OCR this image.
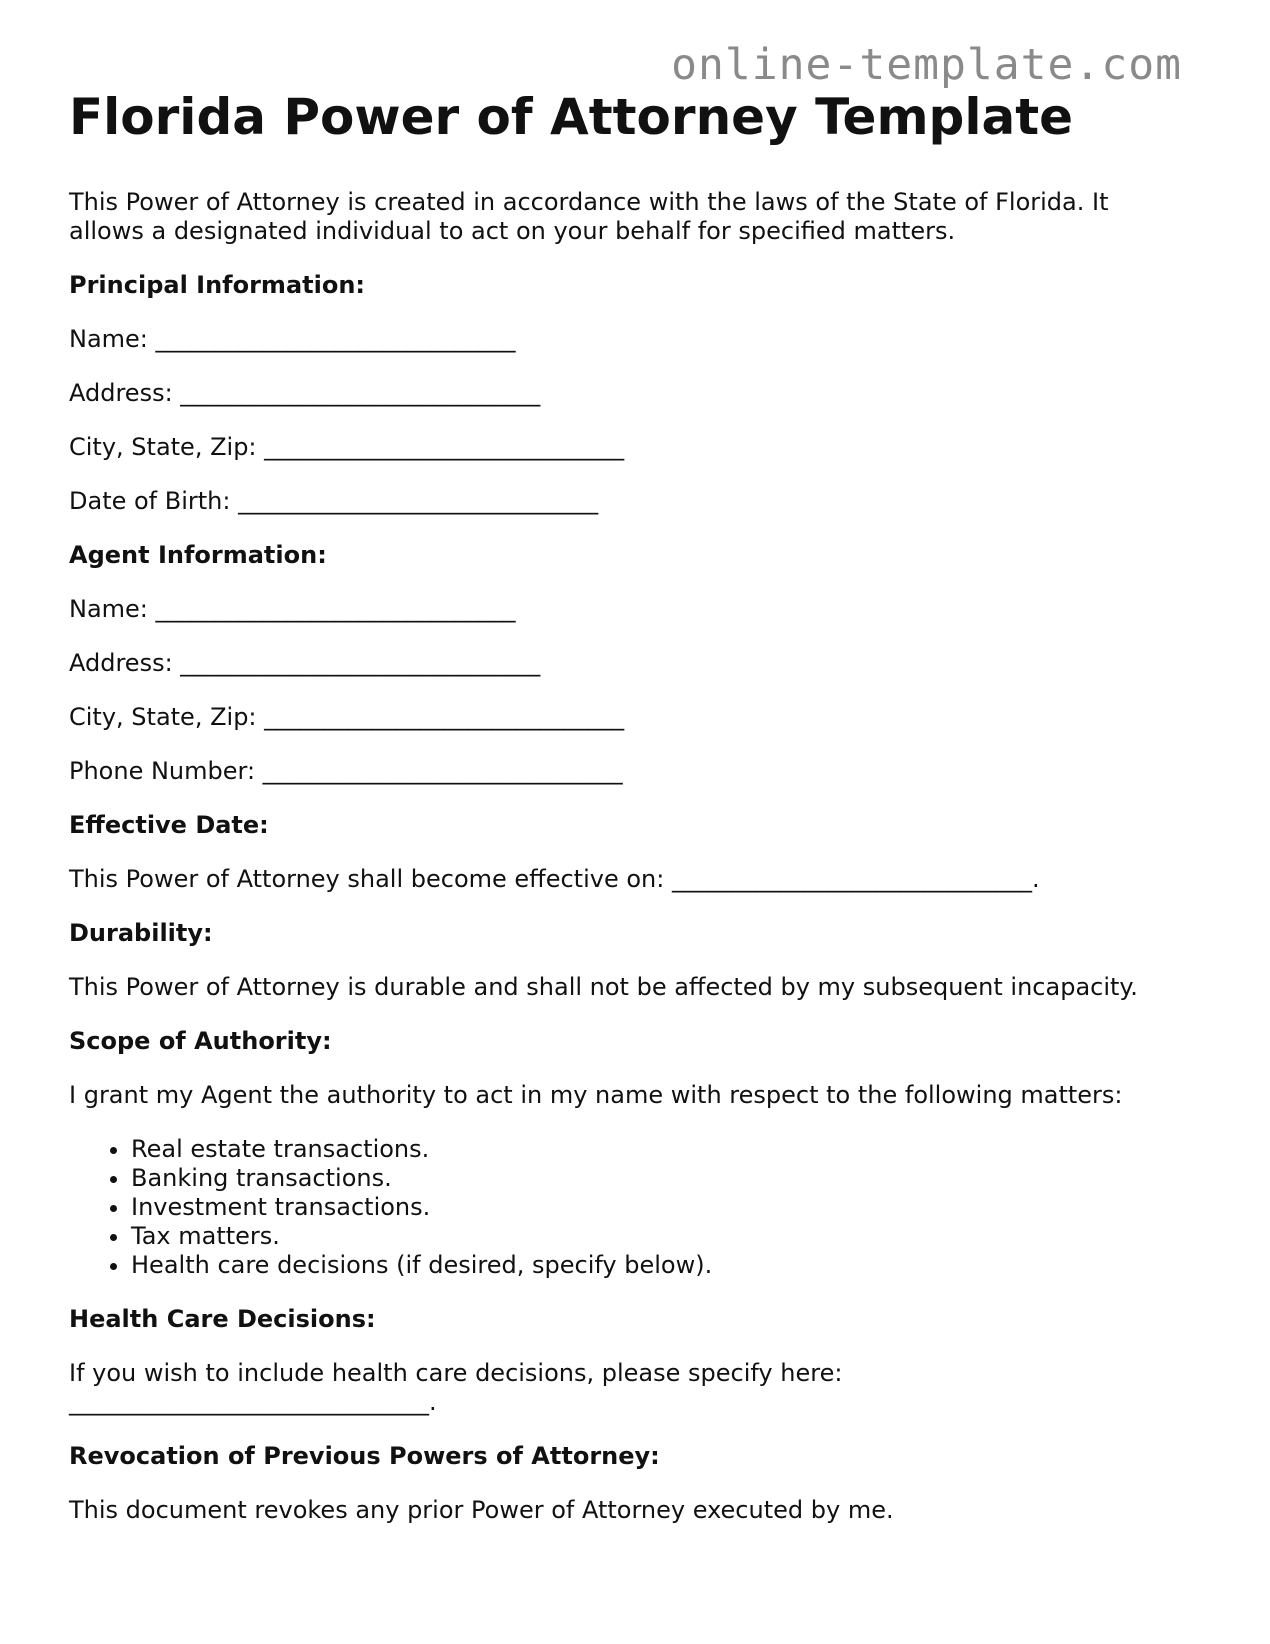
online-template.com
Florida Power of Attorney Template

This Power of Attorney is created in accordance with the laws of the State of Florida. It allows a designated individual to act on your behalf for specified matters.

Principal Information:

Name: ______________________________

Address: ______________________________

City, State, Zip: ______________________________

Date of Birth: ______________________________

Agent Information:

Name: ______________________________

Address: ______________________________

City, State, Zip: ______________________________

Phone Number: ______________________________

Effective Date:

This Power of Attorney shall become effective on: ______________________________.

Durability:

This Power of Attorney is durable and shall not be affected by my subsequent incapacity.

Scope of Authority:

I grant my Agent the authority to act in my name with respect to the following matters:

• Real estate transactions.
• Banking transactions.
• Investment transactions.
• Tax matters.
• Health care decisions (if desired, specify below).
Health Care Decisions:

If you wish to include health care decisions, please specify here: ______________________________.

Revocation of Previous Powers of Attorney:

This document revokes any prior Power of Attorney executed by me.
